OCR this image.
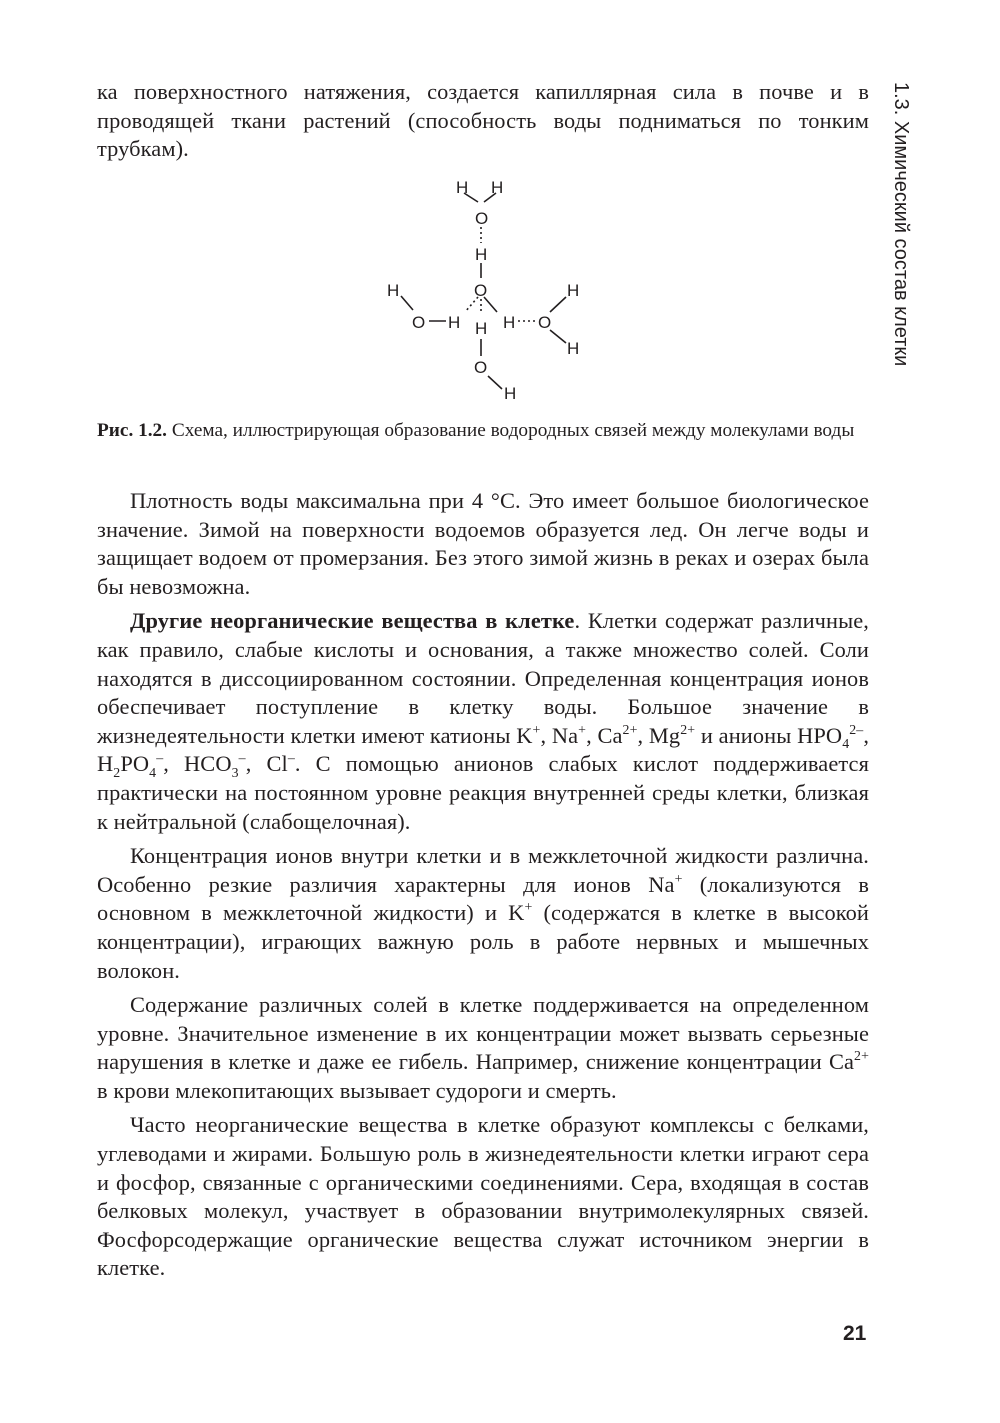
1.3. Химический состав клетки

ка поверхностного натяжения, создается капиллярная сила в почве и в проводящей ткани растений (способность воды подниматься по тонким трубкам).

H H
O
H
O
H
O H H H O
H
H
O
H
Рис. 1.2. Схема, иллюстрирующая образование водородных связей между молекулами воды

Плотность воды максимальна при 4 °С. Это имеет большое биологическое значение. Зимой на поверхности водоемов образуется лед. Он легче воды и защищает водоем от промерзания. Без этого зимой жизнь в реках и озерах была бы невозможна.

Другие неорганические вещества в клетке. Клетки содержат различные, как правило, слабые кислоты и основания, а также множество солей. Соли находятся в диссоциированном состоянии. Определенная концентрация ионов обеспечивает поступление в клетку воды. Большое значение в жизнедеятельности клетки имеют катионы K+, Na+, $Ca^{2+}$, $Mg^{2+}$ и анионы $HPO_4^{2-}$, $H_2PO_4^-$, $HCO_3^-$, Cl–. С помощью анионов слабых кислот поддерживается практически на постоянном уровне реакция внутренней среды клетки, близкая к нейтральной (слабощелочная).

Концентрация ионов внутри клетки и в межклеточной жидкости различна. Особенно резкие различия характерны для ионов Na+ (локализуются в основном в межклеточной жидкости) и K+ (содержатся в клетке в высокой концентрации), играющих важную роль в работе нервных и мышечных волокон.

Содержание различных солей в клетке поддерживается на определенном уровне. Значительное изменение в их концентрации может вызвать серьезные нарушения в клетке и даже ее гибель. Например, снижение концентрации $Ca^{2+}$ в крови млекопитающих вызывает судороги и смерть.

Часто неорганические вещества в клетке образуют комплексы с белками, углеводами и жирами. Большую роль в жизнедеятельности клетки играют сера и фосфор, связанные с органическими соединениями. Сера, входящая в состав белковых молекул, участвует в образовании внутримолекулярных связей. Фосфорсодержащие органические вещества служат источником энергии в клетке.

21
